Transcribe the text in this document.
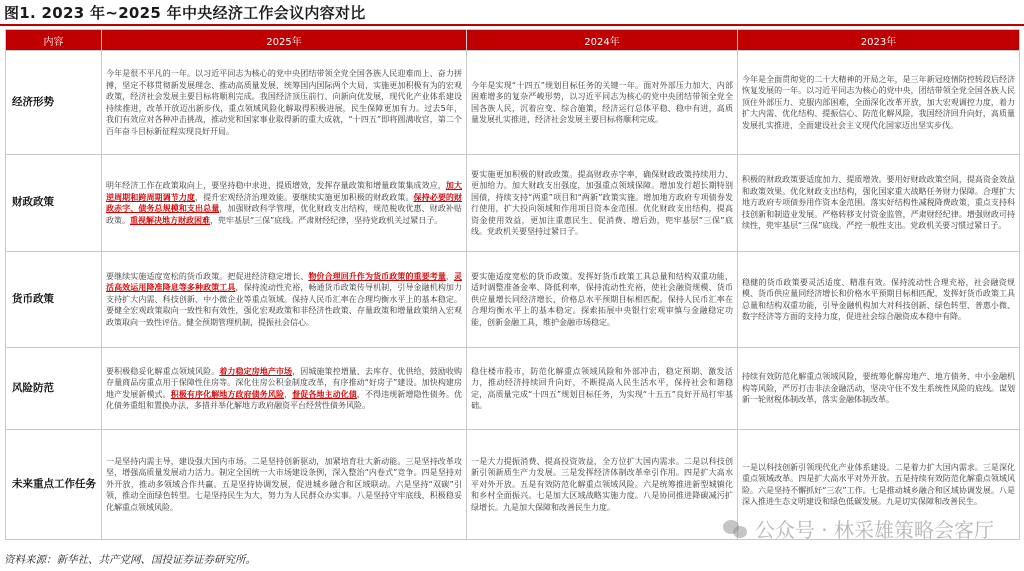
图1. 2023 年~2025 年中央经济工作会议内容对比
内容	2025年	2024年	2023年
经济形势	今年是很不平凡的一年。以习近平同志为核心的党中央团结带领全党全国各族人民迎难而上、奋力拼搏，坚定不移贯彻新发展理念、推动高质量发展，统筹国内国际两个大局，实施更加积极有为的宏观政策，经济社会发展主要目标将顺利完成。我国经济顶压前行、向新向优发展，现代化产业体系建设持续推进，改革开放迈出新步伐，重点领域风险化解取得积极进展，民生保障更加有力。过去5年，我们有效应对各种冲击挑战，推动党和国家事业取得新的重大成就，“十四五”即将圆满收官，第二个百年奋斗目标新征程实现良好开局。	今年是实现“十四五”规划目标任务的关键一年。面对外部压力加大、内部困难增多的复杂严峻形势，以习近平同志为核心的党中央团结带领全党全国各族人民，沉着应变、综合施策，经济运行总体平稳、稳中有进，高质量发展扎实推进，经济社会发展主要目标将顺利完成。	今年是全面贯彻党的二十大精神的开局之年，是三年新冠疫情防控转段后经济恢复发展的一年。以习近平同志为核心的党中央，团结带领全党全国各族人民顶住外部压力、克服内部困难，全面深化改革开放，加大宏观调控力度，着力扩大内需、优化结构、提振信心、防范化解风险，我国经济回升向好，高质量发展扎实推进，全面建设社会主义现代化国家迈出坚实步伐。
财政政策	明年经济工作在政策取向上，要坚持稳中求进、提质增效，发挥存量政策和增量政策集成效应，加大逆周期和跨周期调节力度，提升宏观经济治理效能。要继续实施更加积极的财政政策。保持必要的财政赤字、债务总规模和支出总量，加强财政科学管理，优化财政支出结构，规范税收优惠、财政补贴政策。重视解决地方财政困难，兜牢基层“三保”底线。严肃财经纪律，坚持党政机关过紧日子。	要实施更加积极的财政政策。提高财政赤字率，确保财政政策持续用力、更加给力。加大财政支出强度，加强重点领域保障。增加发行超长期特别国债，持续支持“两重”项目和“两新”政策实施。增加地方政府专项债券发行使用，扩大投向领域和作用项目资本金范围。优化财政支出结构，提高资金使用效益，更加注重惠民生、促消费、增后劲，兜牢基层“三保”底线。党政机关要坚持过紧日子。	积极的财政政策要适度加力、提质增效。要用好财政政策空间，提高资金效益和政策效果。优化财政支出结构，强化国家重大战略任务财力保障。合理扩大地方政府专项债券用作资本金范围。落实好结构性减税降费政策，重点支持科技创新和制造业发展。严格转移支付资金监管，严肃财经纪律。增强财政可持续性，兜牢基层“三保”底线。严控一般性支出。党政机关要习惯过紧日子。
货币政策	要继续实施适度宽松的货币政策。把促进经济稳定增长、物价合理回升作为货币政策的重要考量，灵活高效运用降准降息等多种政策工具，保持流动性充裕，畅通货币政策传导机制，引导金融机构加力支持扩大内需、科技创新、中小微企业等重点领域。保持人民币汇率在合理均衡水平上的基本稳定。要健全宏观政策取向一致性和有效性，强化宏观政策和非经济性政策、存量政策和增量政策纳入宏观政策取向一致性评估。健全预期管理机制，提振社会信心。	要实施适度宽松的货币政策。发挥好货币政策工具总量和结构双重功能，适时调整准备金率、降低利率，保持流动性充裕，使社会融资规模、货币供应量增长同经济增长、价格总水平预期目标相匹配。保持人民币汇率在合理均衡水平上的基本稳定。探索拓展中央银行宏观审慎与金融稳定功能，创新金融工具，维护金融市场稳定。	稳健的货币政策要灵活适度、精准有效。保持流动性合理充裕，社会融资规模、货币供应量同经济增长和价格水平预期目标相匹配，发挥好货币政策工具总量和结构双重功能，引导金融机构加大对科技创新、绿色转型、普惠小微、数字经济等方面的支持力度，促进社会综合融资成本稳中有降。
风险防范	要积极稳妥化解重点领域风险。着力稳定房地产市场，因城施策控增量、去库存、优供给，鼓励收购存量商品房重点用于保障性住房等。深化住房公积金制度改革，有序推动“好房子”建设。加快构建房地产发展新模式。积极有序化解地方政府债务风险，督促各地主动化债，不得违规新增隐性债务。优化债务重组和置换办法，多措并举化解地方政府融资平台经营性债务风险。	稳住楼市股市，防范化解重点领域风险和外部冲击，稳定预期、激发活力，推动经济持续回升向好，不断提高人民生活水平，保持社会和谐稳定，高质量完成“十四五”规划目标任务，为实现“十五五”良好开局打牢基础。	持续有效防范化解重点领域风险，要统筹化解房地产、地方债务、中小金融机构等风险，严厉打击非法金融活动，坚决守住不发生系统性风险的底线。谋划新一轮财税体制改革，落实金融体制改革。
未来重点工作任务	一是坚持内需主导，建设强大国内市场。二是坚持创新驱动，加紧培育壮大新动能。三是坚持改革攻坚，增强高质量发展动力活力。制定全国统一大市场建设条例，深入整治“内卷式”竞争。四是坚持对外开放，推动多领域合作共赢。五是坚持协调发展，促进城乡融合和区域联动。六是坚持“双碳”引领，推动全面绿色转型。七是坚持民生为大，努力为人民群众办实事。八是坚持守牢底线，积极稳妥化解重点领域风险。	一是大力提振消费、提高投资效益，全方位扩大国内需求。二是以科技创新引领新质生产力发展。三是发挥经济体制改革牵引作用。四是扩大高水平对外开放。五是有效防范化解重点领域风险。六是统筹推进新型城镇化和乡村全面振兴。七是加大区域战略实施力度。八是协同推进降碳减污扩绿增长。九是加大保障和改善民生力度。	一是以科技创新引领现代化产业体系建设。二是着力扩大国内需求。三是深化重点领域改革。四是扩大高水平对外开放。五是持续有效防范化解重点领域风险。六是坚持不懈抓好“三农”工作。七是推动城乡融合和区域协调发展。八是深入推进生态文明建设和绿色低碳发展。九是切实保障和改善民生。
公众号 · 林采雄策略会客厅
资料来源：新华社、共产党网、国投证券证券研究所。
